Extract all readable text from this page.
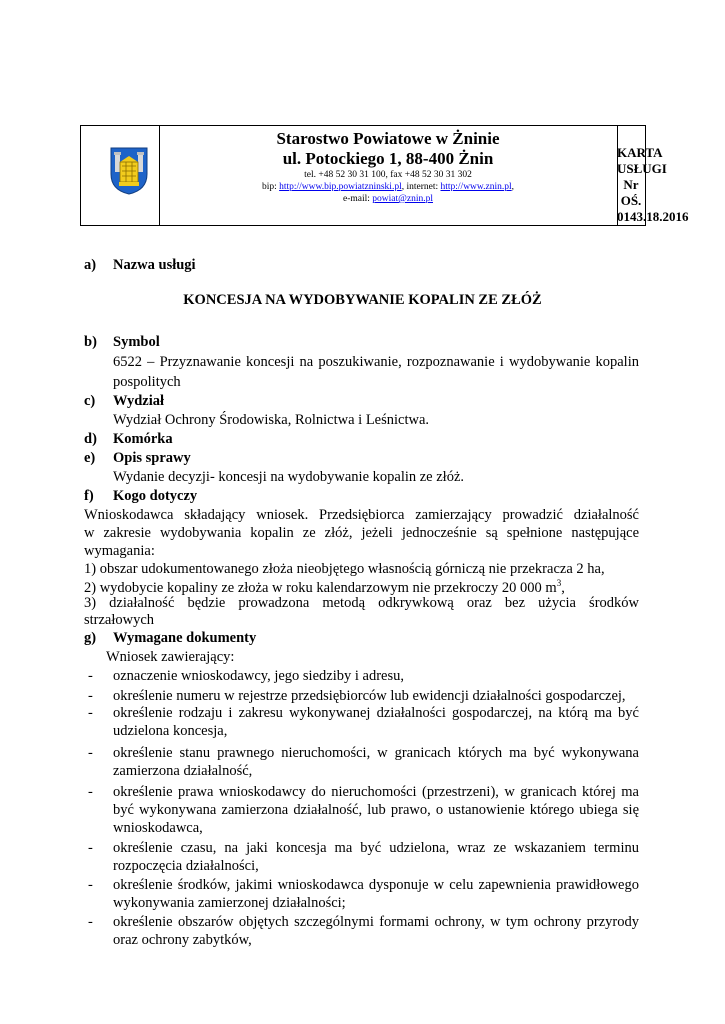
Starostwo Powiatowe w Żninie
ul. Potockiego 1, 88-400 Żnin
tel. +48 52 30 31 100, fax +48 52 30 31 302
bip: http://www.bip.powiatzninski.pl, internet: http://www.znin.pl,
e-mail: powiat@znin.pl
KARTA
USŁUGI
Nr OŚ.
0143.18.2016
a) Nazwa usługi
KONCESJA NA WYDOBYWANIE KOPALIN ZE ZŁÓŻ
b) Symbol
6522 – Przyznawanie koncesji na poszukiwanie, rozpoznawanie i wydobywanie kopalin
pospolitych
c) Wydział
Wydział Ochrony Środowiska, Rolnictwa i Leśnictwa.
d) Komórka
e) Opis sprawy
Wydanie decyzji- koncesji na wydobywanie kopalin ze złóż.
f) Kogo dotyczy
Wnioskodawca składający wniosek. Przedsiębiorca zamierzający prowadzić działalność
w zakresie wydobywania kopalin ze złóż, jeżeli jednocześnie są spełnione następujące
wymagania:
1) obszar udokumentowanego złoża nieobjętego własnością górniczą nie przekracza 2 ha,
2) wydobycie kopaliny ze złoża w roku kalendarzowym nie przekroczy 20 000 $m^3$,
3) działalność będzie prowadzona metodą odkrywkową oraz bez użycia środków
strzałowych
g) Wymagane dokumenty
Wniosek zawierający:
- oznaczenie wnioskodawcy, jego siedziby i adresu,
- określenie numeru w rejestrze przedsiębiorców lub ewidencji działalności gospodarczej,
- określenie rodzaju i zakresu wykonywanej działalności gospodarczej, na którą ma być
udzielona koncesja,
- określenie stanu prawnego nieruchomości, w granicach których ma być wykonywana
zamierzona działalność,
- określenie prawa wnioskodawcy do nieruchomości (przestrzeni), w granicach której ma
być wykonywana zamierzona działalność, lub prawo, o ustanowienie którego ubiega się
wnioskodawca,
- określenie czasu, na jaki koncesja ma być udzielona, wraz ze wskazaniem terminu
rozpoczęcia działalności,
- określenie środków, jakimi wnioskodawca dysponuje w celu zapewnienia prawidłowego
wykonywania zamierzonej działalności;
- określenie obszarów objętych szczególnymi formami ochrony, w tym ochrony przyrody
oraz ochrony zabytków,
